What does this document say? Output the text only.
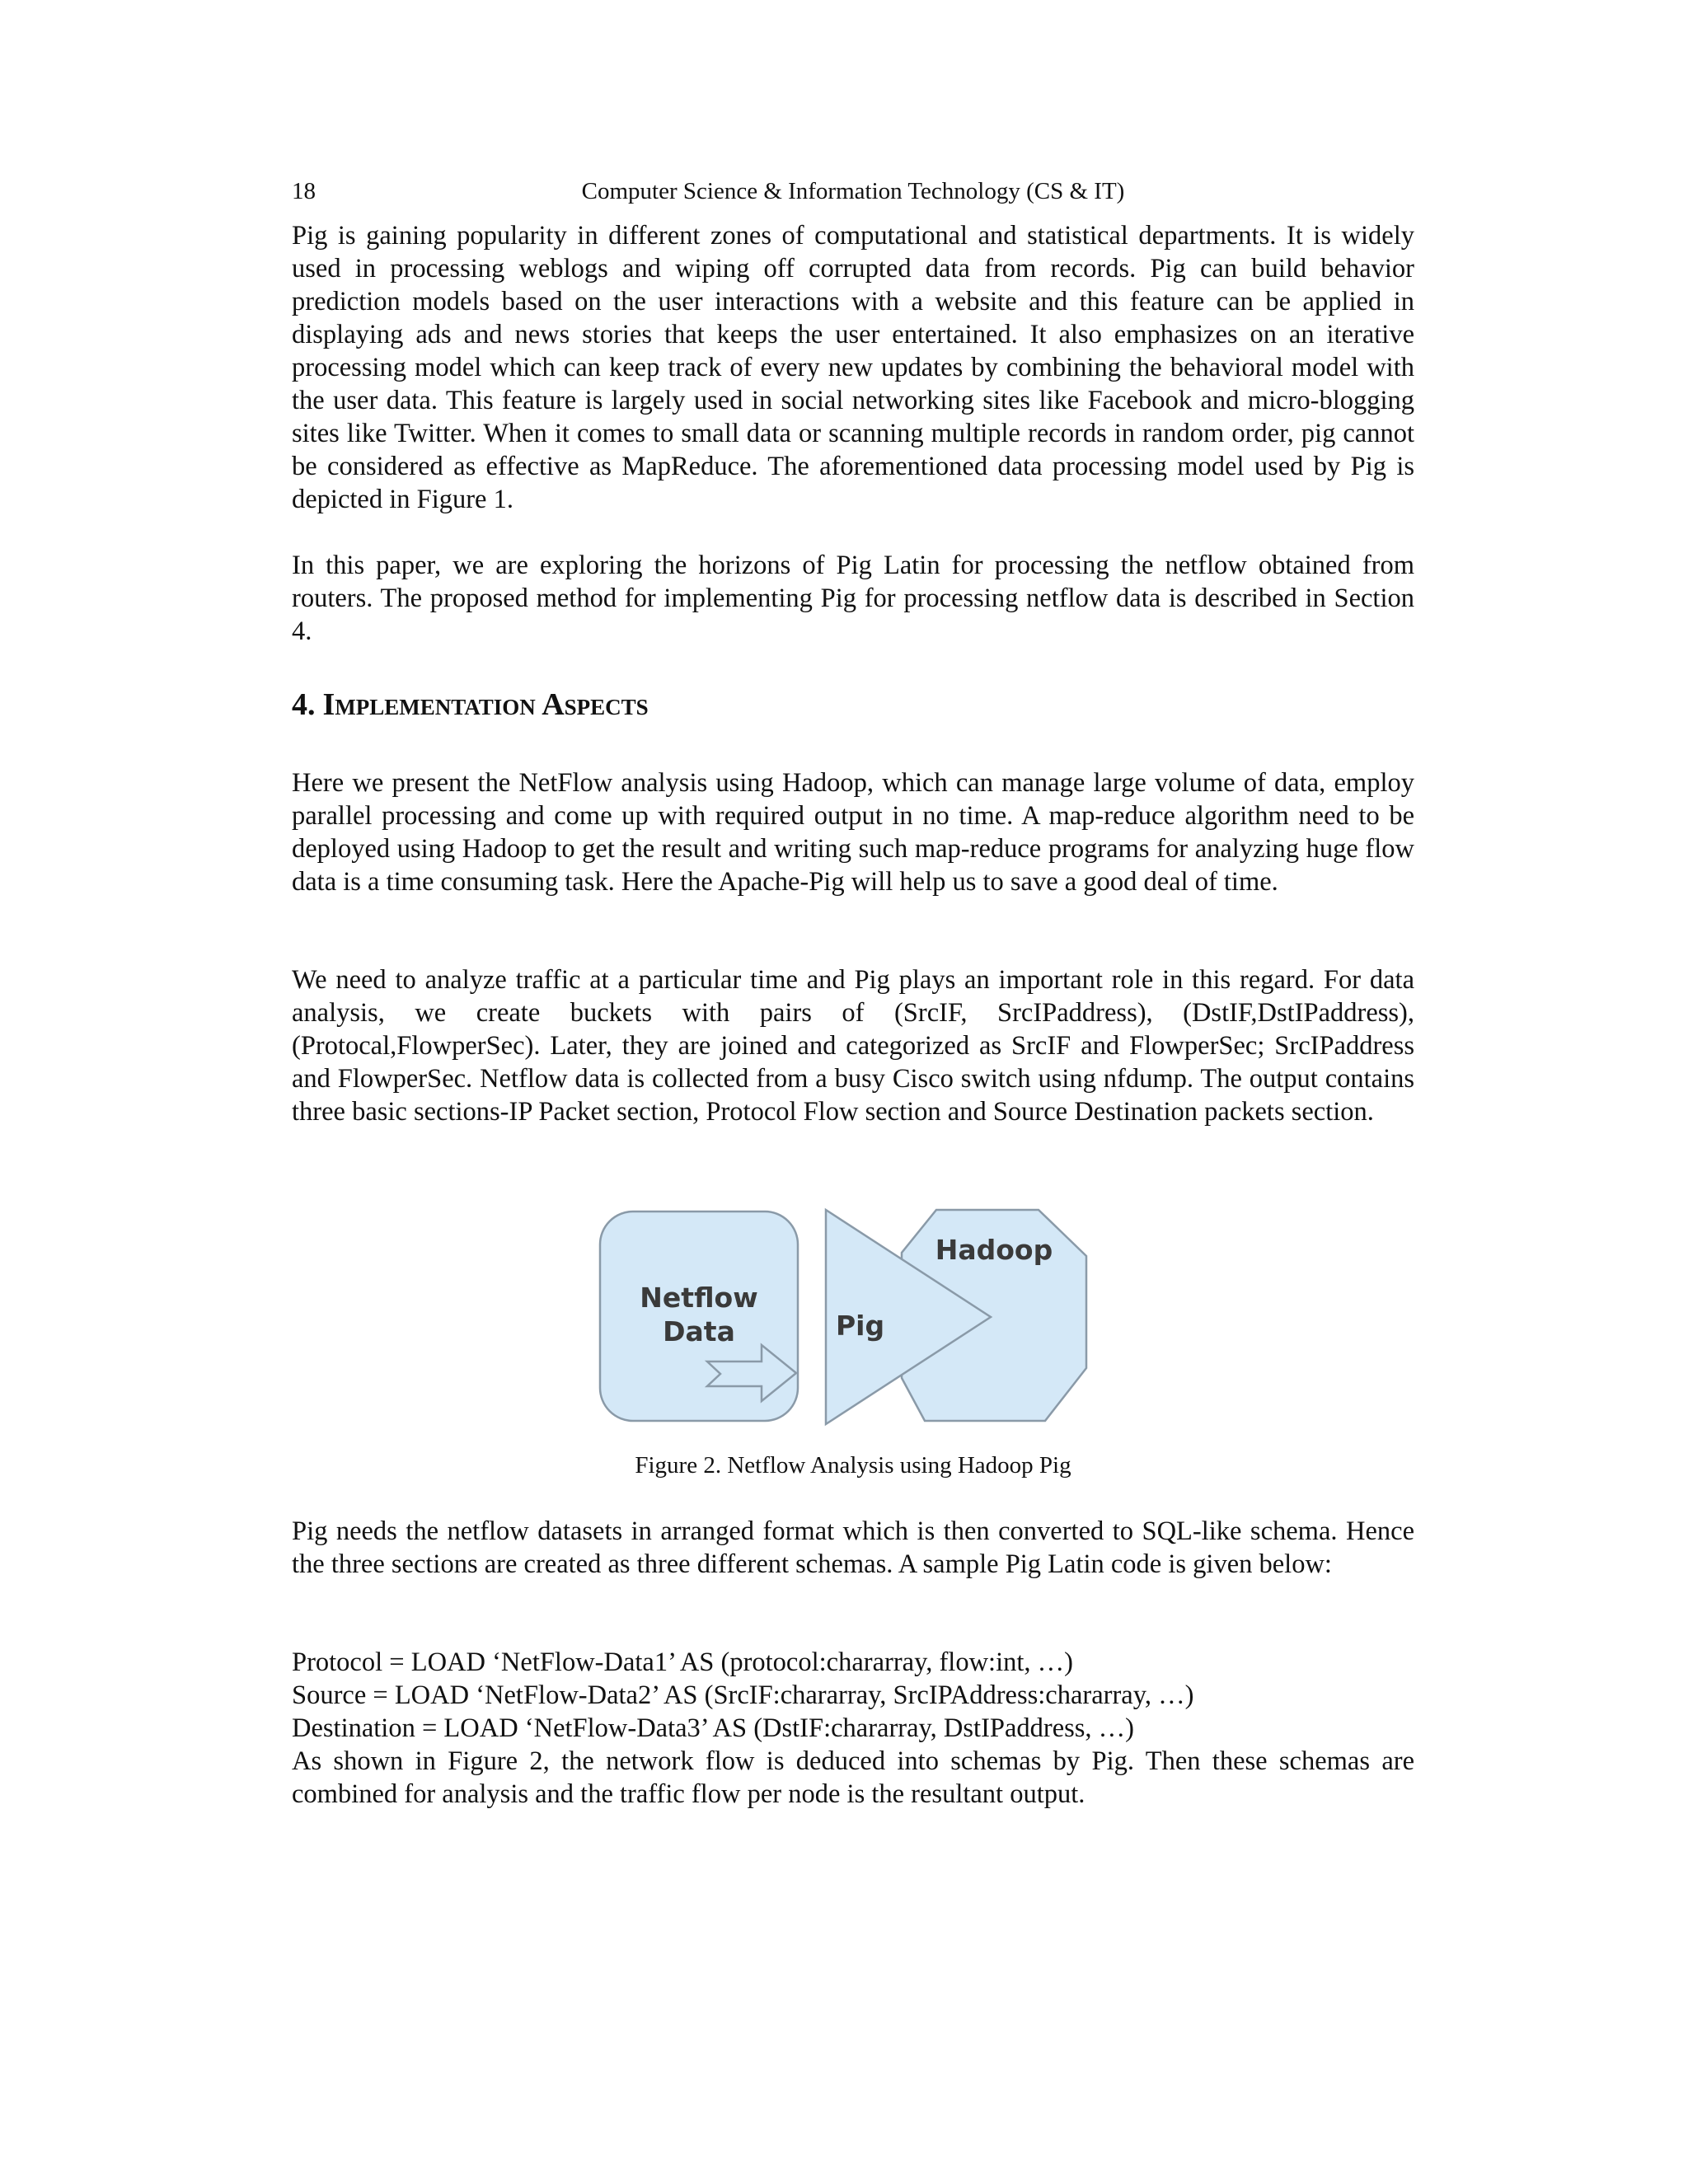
18	Computer Science & Information Technology (CS & IT)

Pig is gaining popularity in different zones of computational and statistical departments. It is widely used in processing weblogs and wiping off corrupted data from records. Pig can build behavior prediction models based on the user interactions with a website and this feature can be applied in displaying ads and news stories that keeps the user entertained. It also emphasizes on an iterative processing model which can keep track of every new updates by combining the behavioral model with the user data. This feature is largely used in social networking sites like Facebook and micro-blogging sites like Twitter. When it comes to small data or scanning multiple records in random order, pig cannot be considered as effective as MapReduce. The aforementioned data processing model used by Pig is depicted in Figure 1.

In this paper, we are exploring the horizons of Pig Latin for processing the netflow obtained from routers. The proposed method for implementing Pig for processing netflow data is described in Section 4.

4. Implementation Aspects

Here we present the NetFlow analysis using Hadoop, which can manage large volume of data, employ parallel processing and come up with required output in no time. A map-reduce algorithm need to be deployed using Hadoop to get the result and writing such map-reduce programs for analyzing huge flow data is a time consuming task. Here the Apache-Pig will help us to save a good deal of time.

We need to analyze traffic at a particular time and Pig plays an important role in this regard. For data analysis, we create buckets with pairs of (SrcIF, SrcIPaddress), (DstIF,DstIPaddress), (Protocal,FlowperSec). Later, they are joined and categorized as SrcIF and FlowperSec; SrcIPaddress and FlowperSec. Netflow data is collected from a busy Cisco switch using nfdump. The output contains three basic sections-IP Packet section, Protocol Flow section and Source Destination packets section.

Netflow
Data	Pig
Hadoop

Figure 2. Netflow Analysis using Hadoop Pig

Pig needs the netflow datasets in arranged format which is then converted to SQL-like schema. Hence the three sections are created as three different schemas. A sample Pig Latin code is given below:

Protocol = LOAD ‘NetFlow-Data1’ AS (protocol:chararray, flow:int, …)
Source = LOAD ‘NetFlow-Data2’ AS (SrcIF:chararray, SrcIPAddress:chararray, …)
Destination = LOAD ‘NetFlow-Data3’ AS (DstIF:chararray, DstIPaddress, …)

As shown in Figure 2, the network flow is deduced into schemas by Pig. Then these schemas are combined for analysis and the traffic flow per node is the resultant output.
